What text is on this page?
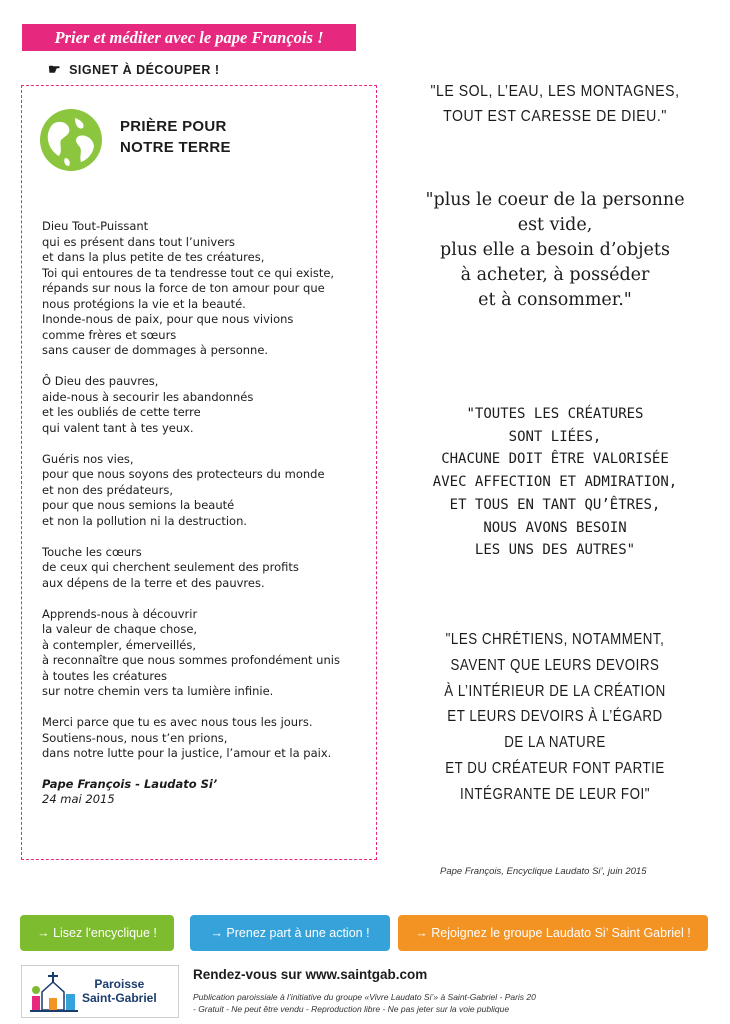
Prier et méditer avec le pape François !
☛ SIGNET À DÉCOUPER !
PRIÈRE POUR
NOTRE TERRE
Dieu Tout-Puissant
qui es présent dans tout l’univers
et dans la plus petite de tes créatures,
Toi qui entoures de ta tendresse tout ce qui existe,
répands sur nous la force de ton amour pour que
nous protégions la vie et la beauté.
Inonde-nous de paix, pour que nous vivions
comme frères et sœurs
sans causer de dommages à personne.
Ô Dieu des pauvres,
aide-nous à secourir les abandonnés
et les oubliés de cette terre
qui valent tant à tes yeux.
Guéris nos vies,
pour que nous soyons des protecteurs du monde
et non des prédateurs,
pour que nous semions la beauté
et non la pollution ni la destruction.
Touche les cœurs
de ceux qui cherchent seulement des profits
aux dépens de la terre et des pauvres.
Apprends-nous à découvrir
la valeur de chaque chose,
à contempler, émerveillés,
à reconnaître que nous sommes profondément unis
à toutes les créatures
sur notre chemin vers ta lumière infinie.
Merci parce que tu es avec nous tous les jours.
Soutiens-nous, nous t’en prions,
dans notre lutte pour la justice, l’amour et la paix.
Pape François - Laudato Si’
24 mai 2015
"LE SOL, L’EAU, LES MONTAGNES,
TOUT EST CARESSE DE DIEU."
"plus le coeur de la personne
est vide,
plus elle a besoin d’objets
à acheter, à posséder
et à consommer."
"TOUTES LES CRÉATURES
SONT LIÉES,
CHACUNE DOIT ÊTRE VALORISÉE
AVEC AFFECTION ET ADMIRATION,
ET TOUS EN TANT QU’ÊTRES,
NOUS AVONS BESOIN
LES UNS DES AUTRES"
"LES CHRÉTIENS, NOTAMMENT,
SAVENT QUE LEURS DEVOIRS
À L’INTÉRIEUR DE LA CRÉATION
ET LEURS DEVOIRS À L’ÉGARD
DE LA NATURE
ET DU CRÉATEUR FONT PARTIE
INTÉGRANTE DE LEUR FOI"
Pape François, Encyclique Laudato Si’, juin 2015
→ Lisez l'encyclique !	→ Prenez part à une action !	→ Rejoignez le groupe Laudato Si’ Saint Gabriel !
Paroisse
Saint-Gabriel
Rendez-vous sur www.saintgab.com
Publication paroissiale à l’initiative du groupe «Vivre Laudato Si’» à Saint-Gabriel - Paris 20
- Gratuit - Ne peut être vendu - Reproduction libre - Ne pas jeter sur la voie publique
